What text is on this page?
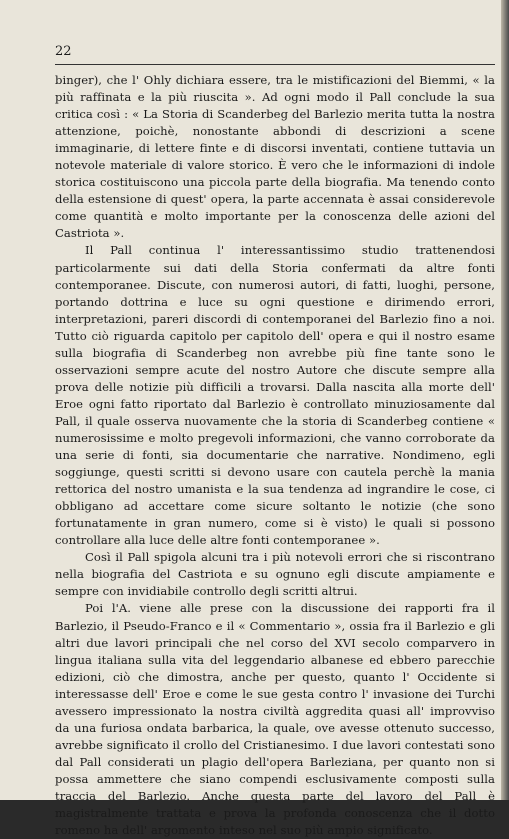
22

binger), che l' Ohly dichiara essere, tra le mistificazioni del Biemmi, « la più raffinata e la più riuscita ». Ad ogni modo il Pall conclude la sua critica così : « La Storia di Scanderbeg del Barlezio merita tutta la nostra attenzione, poichè, nonostante abbondi di descrizioni a scene immaginarie, di lettere finte e di discorsi inventati, contiene tuttavia un notevole materiale di valore storico. È vero che le informazioni di indole storica costituiscono una piccola parte della biografia. Ma tenendo conto della estensione di quest' opera, la parte accennata è assai considerevole come quantità e molto importante per la conoscenza delle azioni del Castriota ».

Il Pall continua l' interessantissimo studio trattenendosi particolarmente sui dati della Storia confermati da altre fonti contemporanee. Discute, con numerosi autori, di fatti, luoghi, persone, portando dottrina e luce su ogni questione e dirimendo errori, interpretazioni, pareri discordi di contemporanei del Barlezio fino a noi. Tutto ciò riguarda capitolo per capitolo dell' opera e qui il nostro esame sulla biografia di Scanderbeg non avrebbe più fine tante sono le osservazioni sempre acute del nostro Autore che discute sempre alla prova delle notizie più difficili a trovarsi. Dalla nascita alla morte dell' Eroe ogni fatto riportato dal Barlezio è controllato minuziosamente dal Pall, il quale osserva nuovamente che la storia di Scanderbeg contiene « numerosissime e molto pregevoli informazioni, che vanno corroborate da una serie di fonti, sia documentarie che narrative. Nondimeno, egli soggiunge, questi scritti si devono usare con cautela perchè la mania rettorica del nostro umanista e la sua tendenza ad ingrandire le cose, ci obbligano ad accettare come sicure soltanto le notizie (che sono fortunatamente in gran numero, come si è visto) le quali si possono controllare alla luce delle altre fonti contemporanee ».

Così il Pall spigola alcuni tra i più notevoli errori che si riscontrano nella biografia del Castriota e su ognuno egli discute ampiamente e sempre con invidiabile controllo degli scritti altrui.

Poi l'A. viene alle prese con la discussione dei rapporti fra il Barlezio, il Pseudo-Franco e il « Commentario », ossia fra il Barlezio e gli altri due lavori principali che nel corso del XVI secolo comparvero in lingua italiana sulla vita del leggendario albanese ed ebbero parecchie edizioni, ciò che dimostra, anche per questo, quanto l' Occidente si interessasse dell' Eroe e come le sue gesta contro l' invasione dei Turchi avessero impressionato la nostra civiltà aggredita quasi all' improvviso da una furiosa ondata barbarica, la quale, ove avesse ottenuto successo, avrebbe significato il crollo del Cristianesimo. I due lavori contestati sono dal Pall considerati un plagio dell'opera Barleziana, per quanto non si possa ammettere che siano compendi esclusivamente composti sulla traccia del Barlezio. Anche questa parte del lavoro del Pall è magistralmente trattata e prova la profonda conoscenza che il dotto romeno ha dell' argomento inteso nel suo più ampio significato.
